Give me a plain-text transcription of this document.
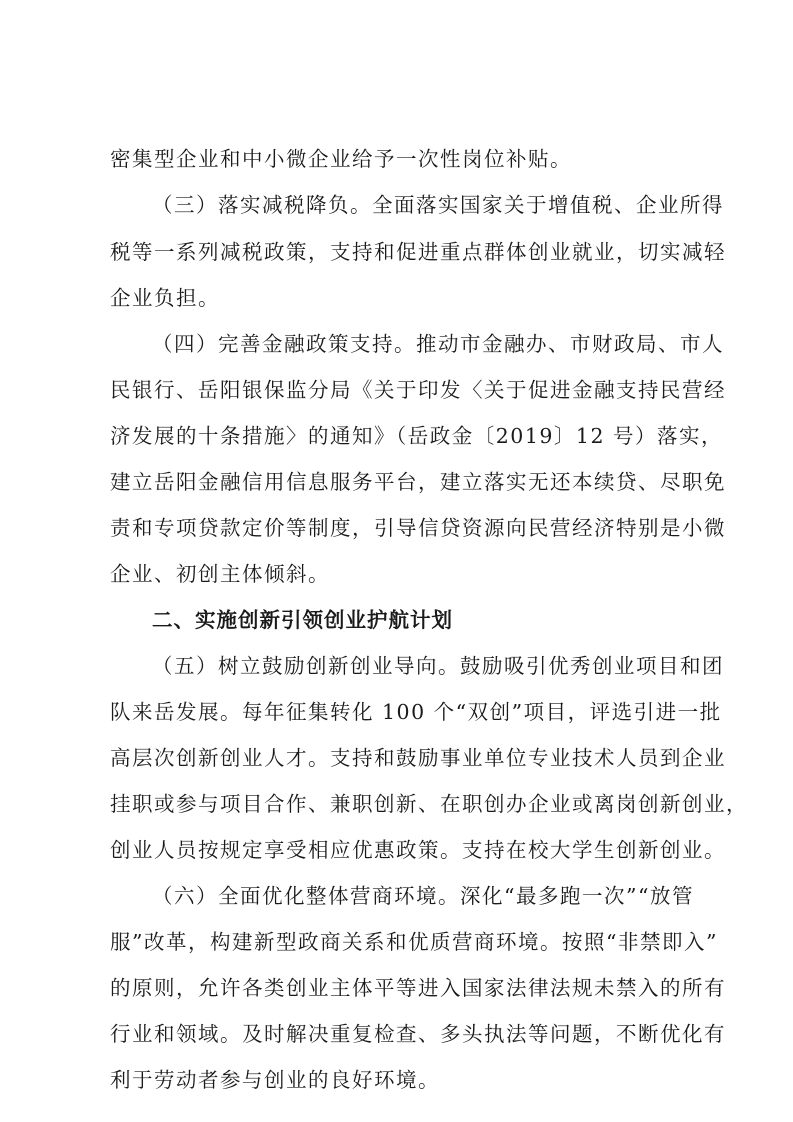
密集型企业和中小微企业给予一次性岗位补贴。
（三）落实减税降负。全面落实国家关于增值税、企业所得
税等一系列减税政策，支持和促进重点群体创业就业，切实减轻
企业负担。
（四）完善金融政策支持。推动市金融办、市财政局、市人
民银行、岳阳银保监分局《关于印发〈关于促进金融支持民营经
济发展的十条措施〉的通知》（岳政金〔2019〕12 号）落实，
建立岳阳金融信用信息服务平台，建立落实无还本续贷、尽职免
责和专项贷款定价等制度，引导信贷资源向民营经济特别是小微
企业、初创主体倾斜。
二、实施创新引领创业护航计划
（五）树立鼓励创新创业导向。鼓励吸引优秀创业项目和团
队来岳发展。每年征集转化 100 个“双创”项目，评选引进一批
高层次创新创业人才。支持和鼓励事业单位专业技术人员到企业
挂职或参与项目合作、兼职创新、在职创办企业或离岗创新创业，
创业人员按规定享受相应优惠政策。支持在校大学生创新创业。
（六）全面优化整体营商环境。深化“最多跑一次”“放管
服”改革，构建新型政商关系和优质营商环境。按照“非禁即入”
的原则，允许各类创业主体平等进入国家法律法规未禁入的所有
行业和领域。及时解决重复检查、多头执法等问题，不断优化有
利于劳动者参与创业的良好环境。
